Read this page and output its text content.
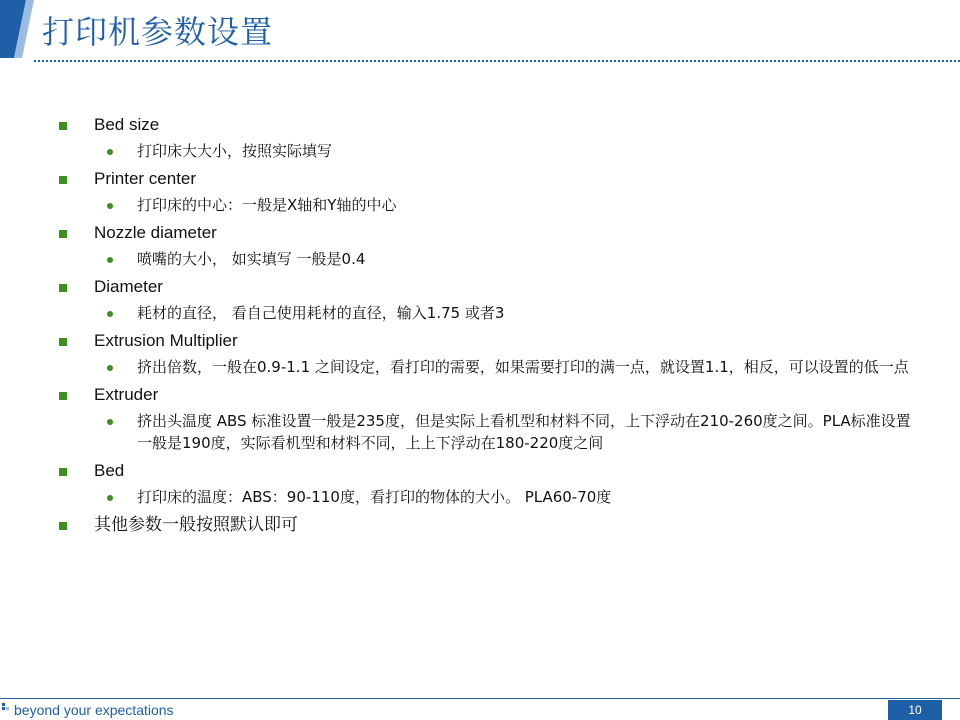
打印机参数设置
Bed size
打印床大大小，按照实际填写
Printer center
打印床的中心：一般是X轴和Y轴的中心
Nozzle diameter
喷嘴的大小， 如实填写 一般是0.4
Diameter
耗材的直径， 看自己使用耗材的直径，输入1.75 或者3
Extrusion Multiplier
挤出倍数，一般在0.9-1.1 之间设定，看打印的需要，如果需要打印的满一点，就设置1.1，相反，可以设置的低一点
Extruder
挤出头温度 ABS 标准设置一般是235度，但是实际上看机型和材料不同，上下浮动在210-260度之间。PLA标准设置一般是190度，实际看机型和材料不同，上上下浮动在180-220度之间
Bed
打印床的温度：ABS：90-110度，看打印的物体的大小。 PLA60-70度
其他参数一般按照默认即可
beyond your expectations	10
